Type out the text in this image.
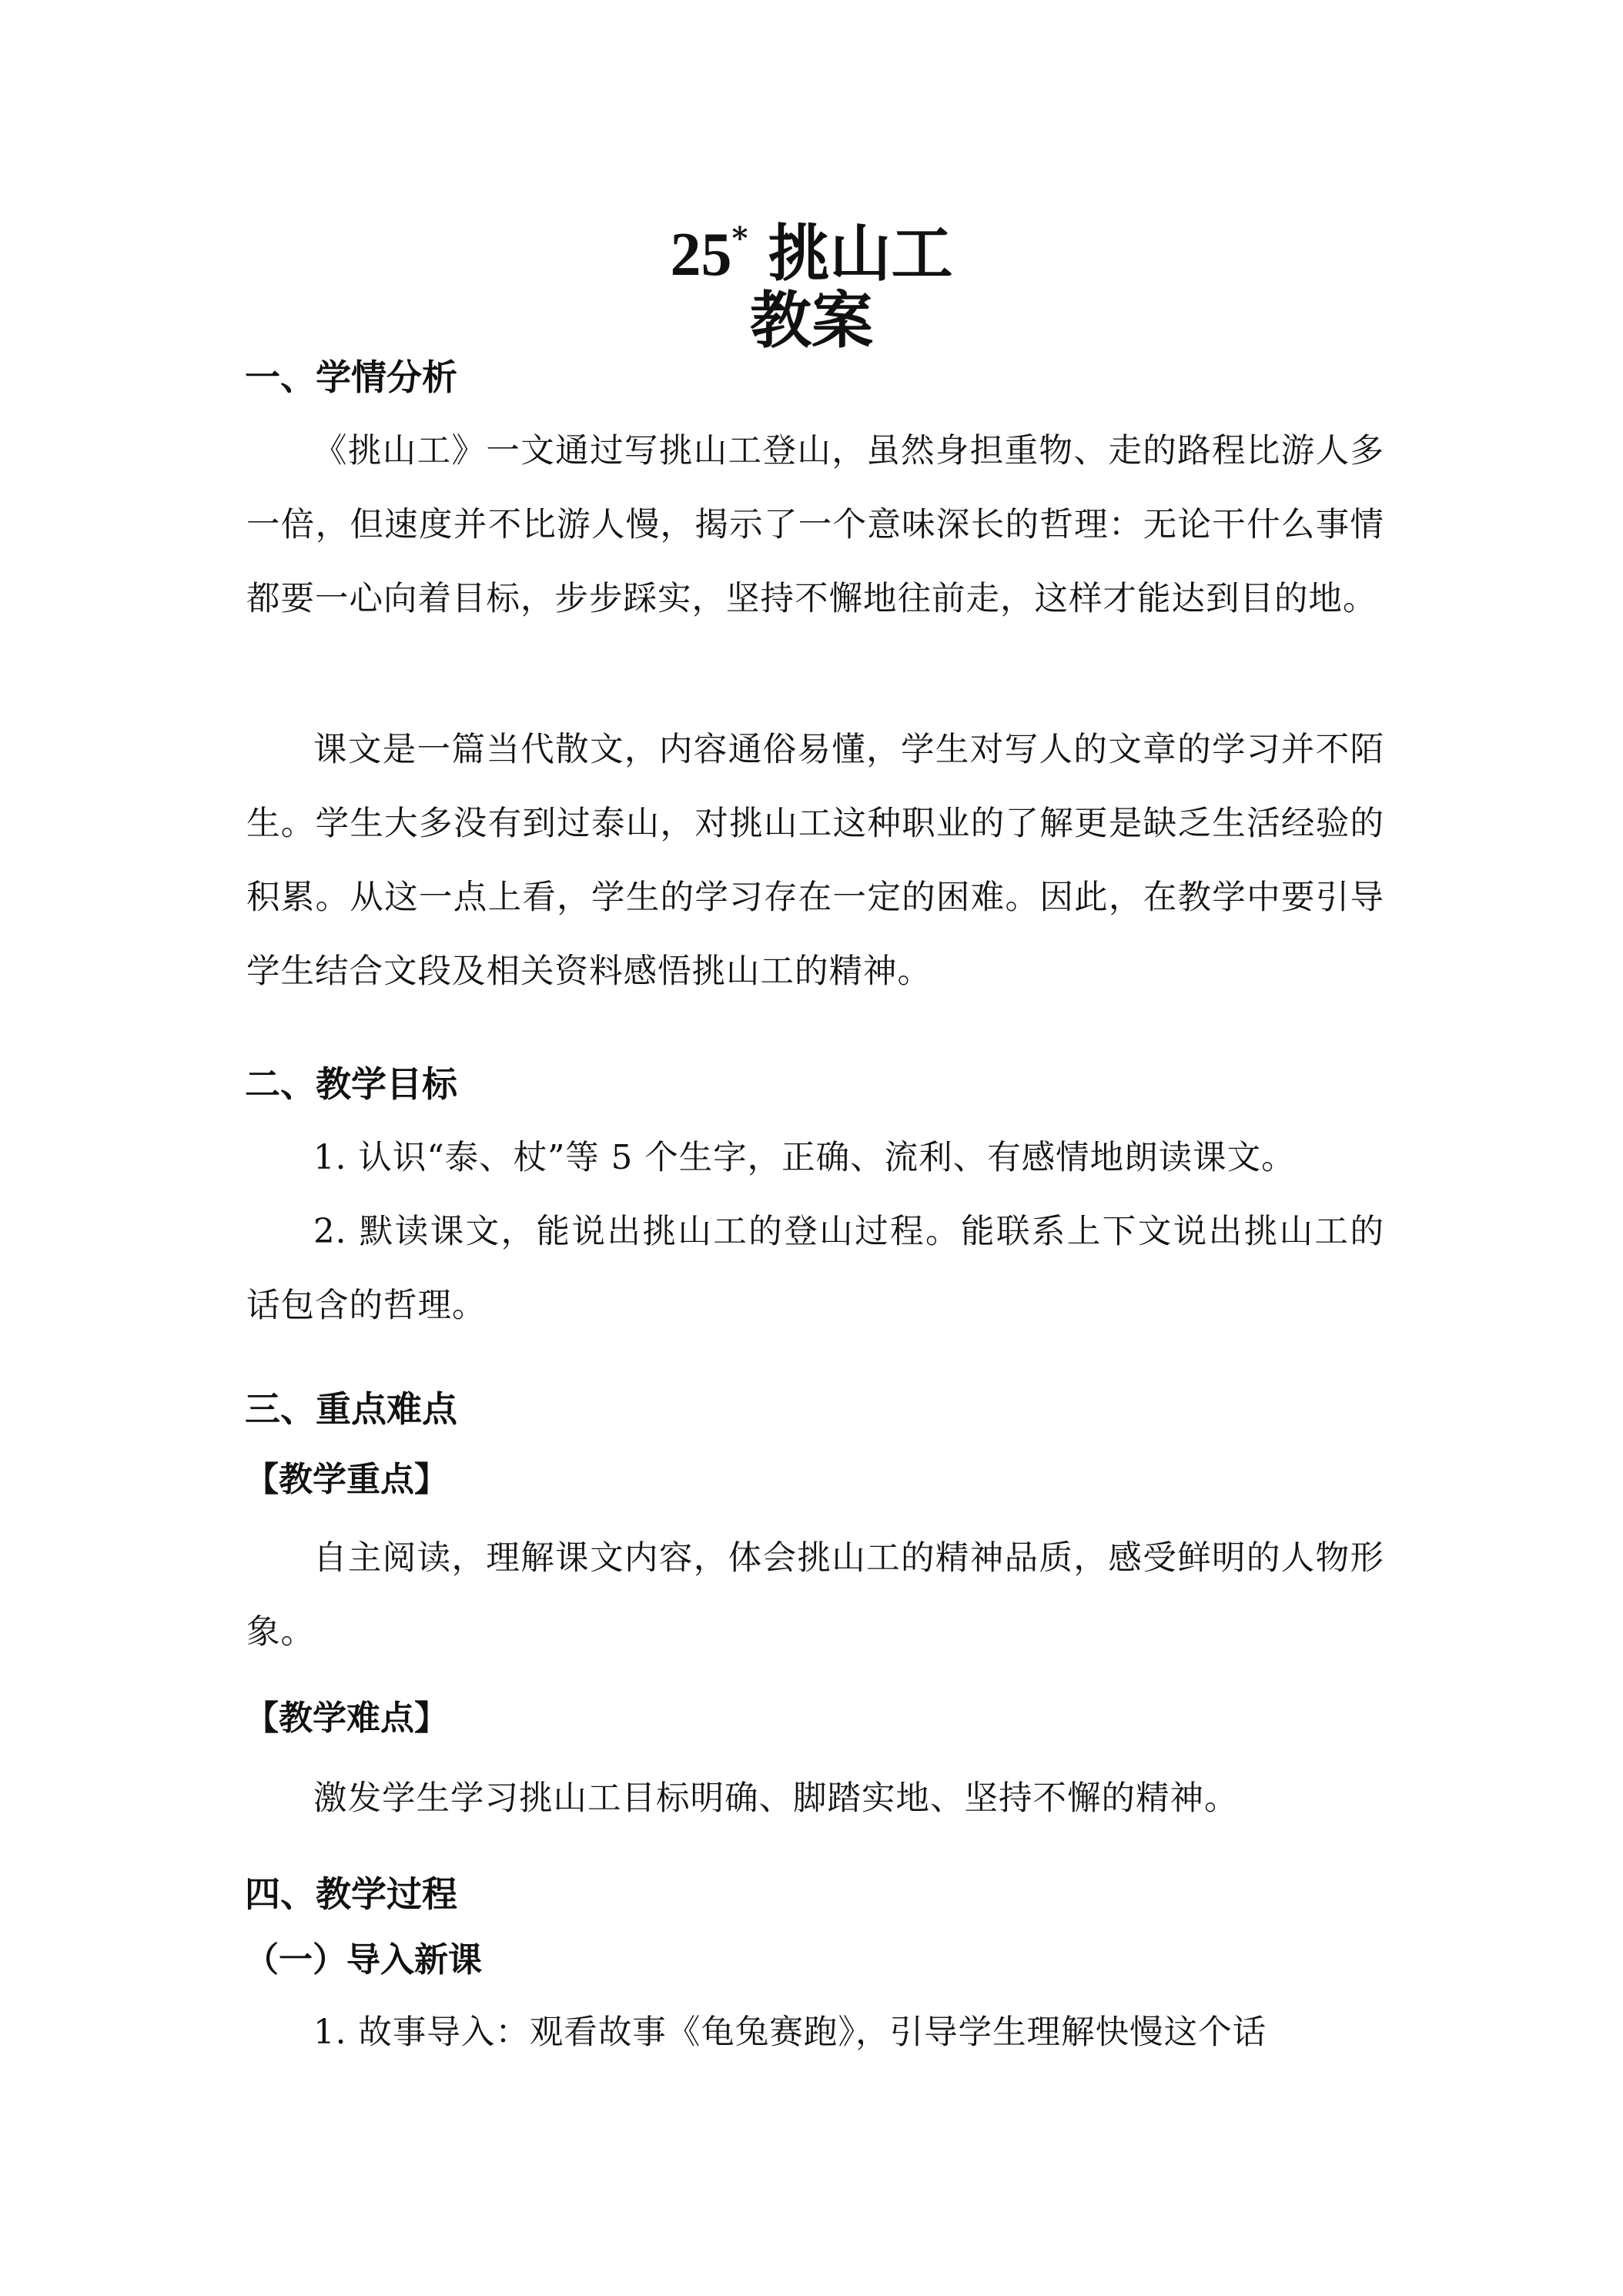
25* 挑山工
教案
一、学情分析
《挑山工》一文通过写挑山工登山，虽然身担重物、走的路程比游人多一倍，但速度并不比游人慢，揭示了一个意味深长的哲理：无论干什么事情都要一心向着目标，步步踩实，坚持不懈地往前走，这样才能达到目的地。
课文是一篇当代散文，内容通俗易懂，学生对写人的文章的学习并不陌生。学生大多没有到过泰山，对挑山工这种职业的了解更是缺乏生活经验的积累。从这一点上看，学生的学习存在一定的困难。因此，在教学中要引导学生结合文段及相关资料感悟挑山工的精神。
二、教学目标
1. 认识“泰、杖”等 5 个生字，正确、流利、有感情地朗读课文。
2. 默读课文，能说出挑山工的登山过程。能联系上下文说出挑山工的话包含的哲理。
三、重点难点
【教学重点】
自主阅读，理解课文内容，体会挑山工的精神品质，感受鲜明的人物形象。
【教学难点】
激发学生学习挑山工目标明确、脚踏实地、坚持不懈的精神。
四、教学过程
（一）导入新课
1. 故事导入：观看故事《龟兔赛跑》，引导学生理解快慢这个话
